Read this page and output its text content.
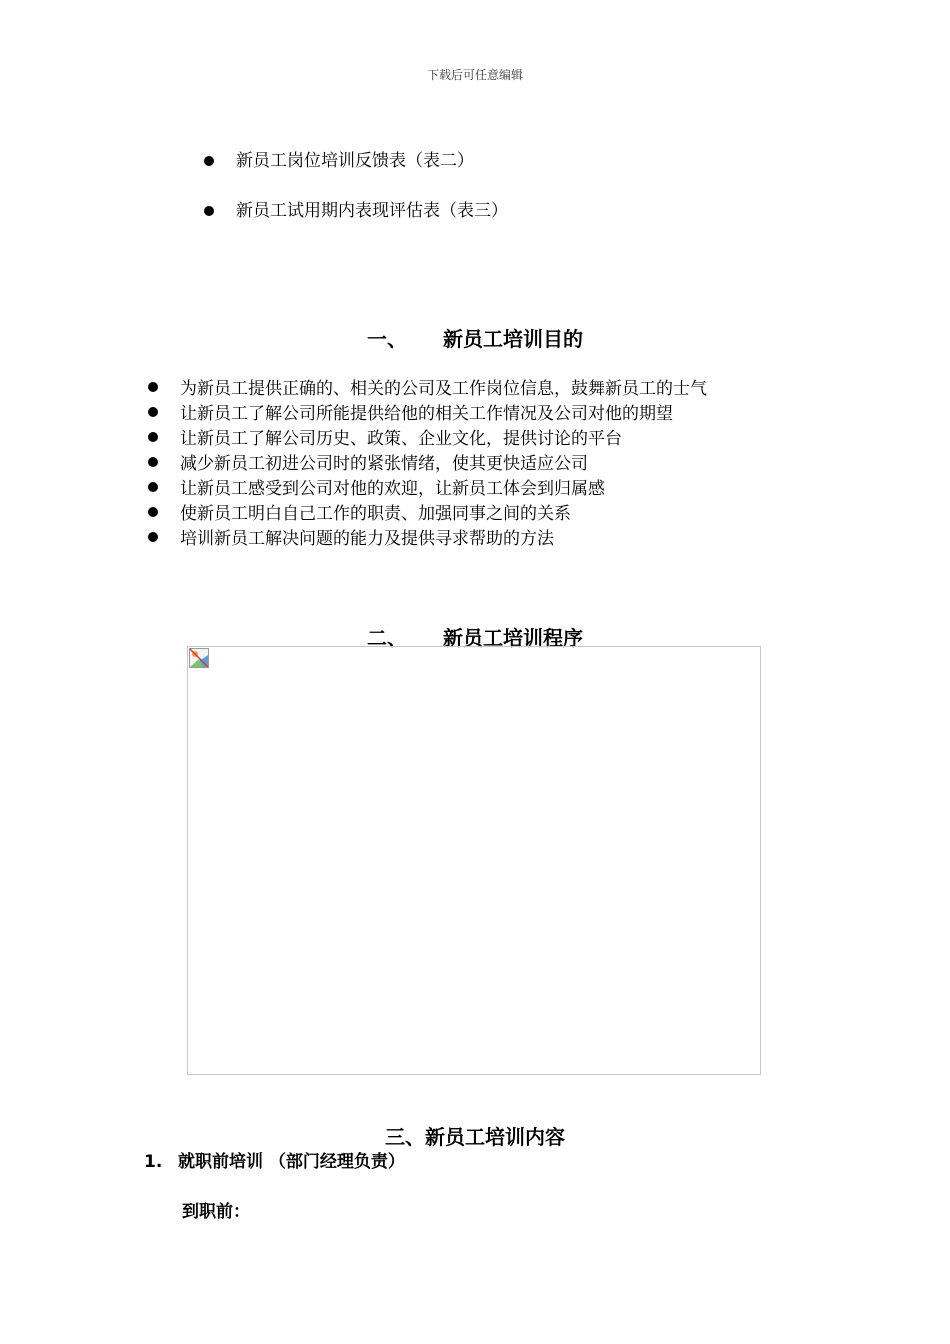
下载后可任意编辑
新员工岗位培训反馈表（表二）
新员工试用期内表现评估表（表三）
一、 新员工培训目的
为新员工提供正确的、相关的公司及工作岗位信息，鼓舞新员工的士气
让新员工了解公司所能提供给他的相关工作情况及公司对他的期望
让新员工了解公司历史、政策、企业文化，提供讨论的平台
减少新员工初进公司时的紧张情绪，使其更快适应公司
让新员工感受到公司对他的欢迎，让新员工体会到归属感
使新员工明白自己工作的职责、加强同事之间的关系
培训新员工解决问题的能力及提供寻求帮助的方法
二、 新员工培训程序
三、新员工培训内容
1. 就职前培训 （部门经理负责）
到职前：
